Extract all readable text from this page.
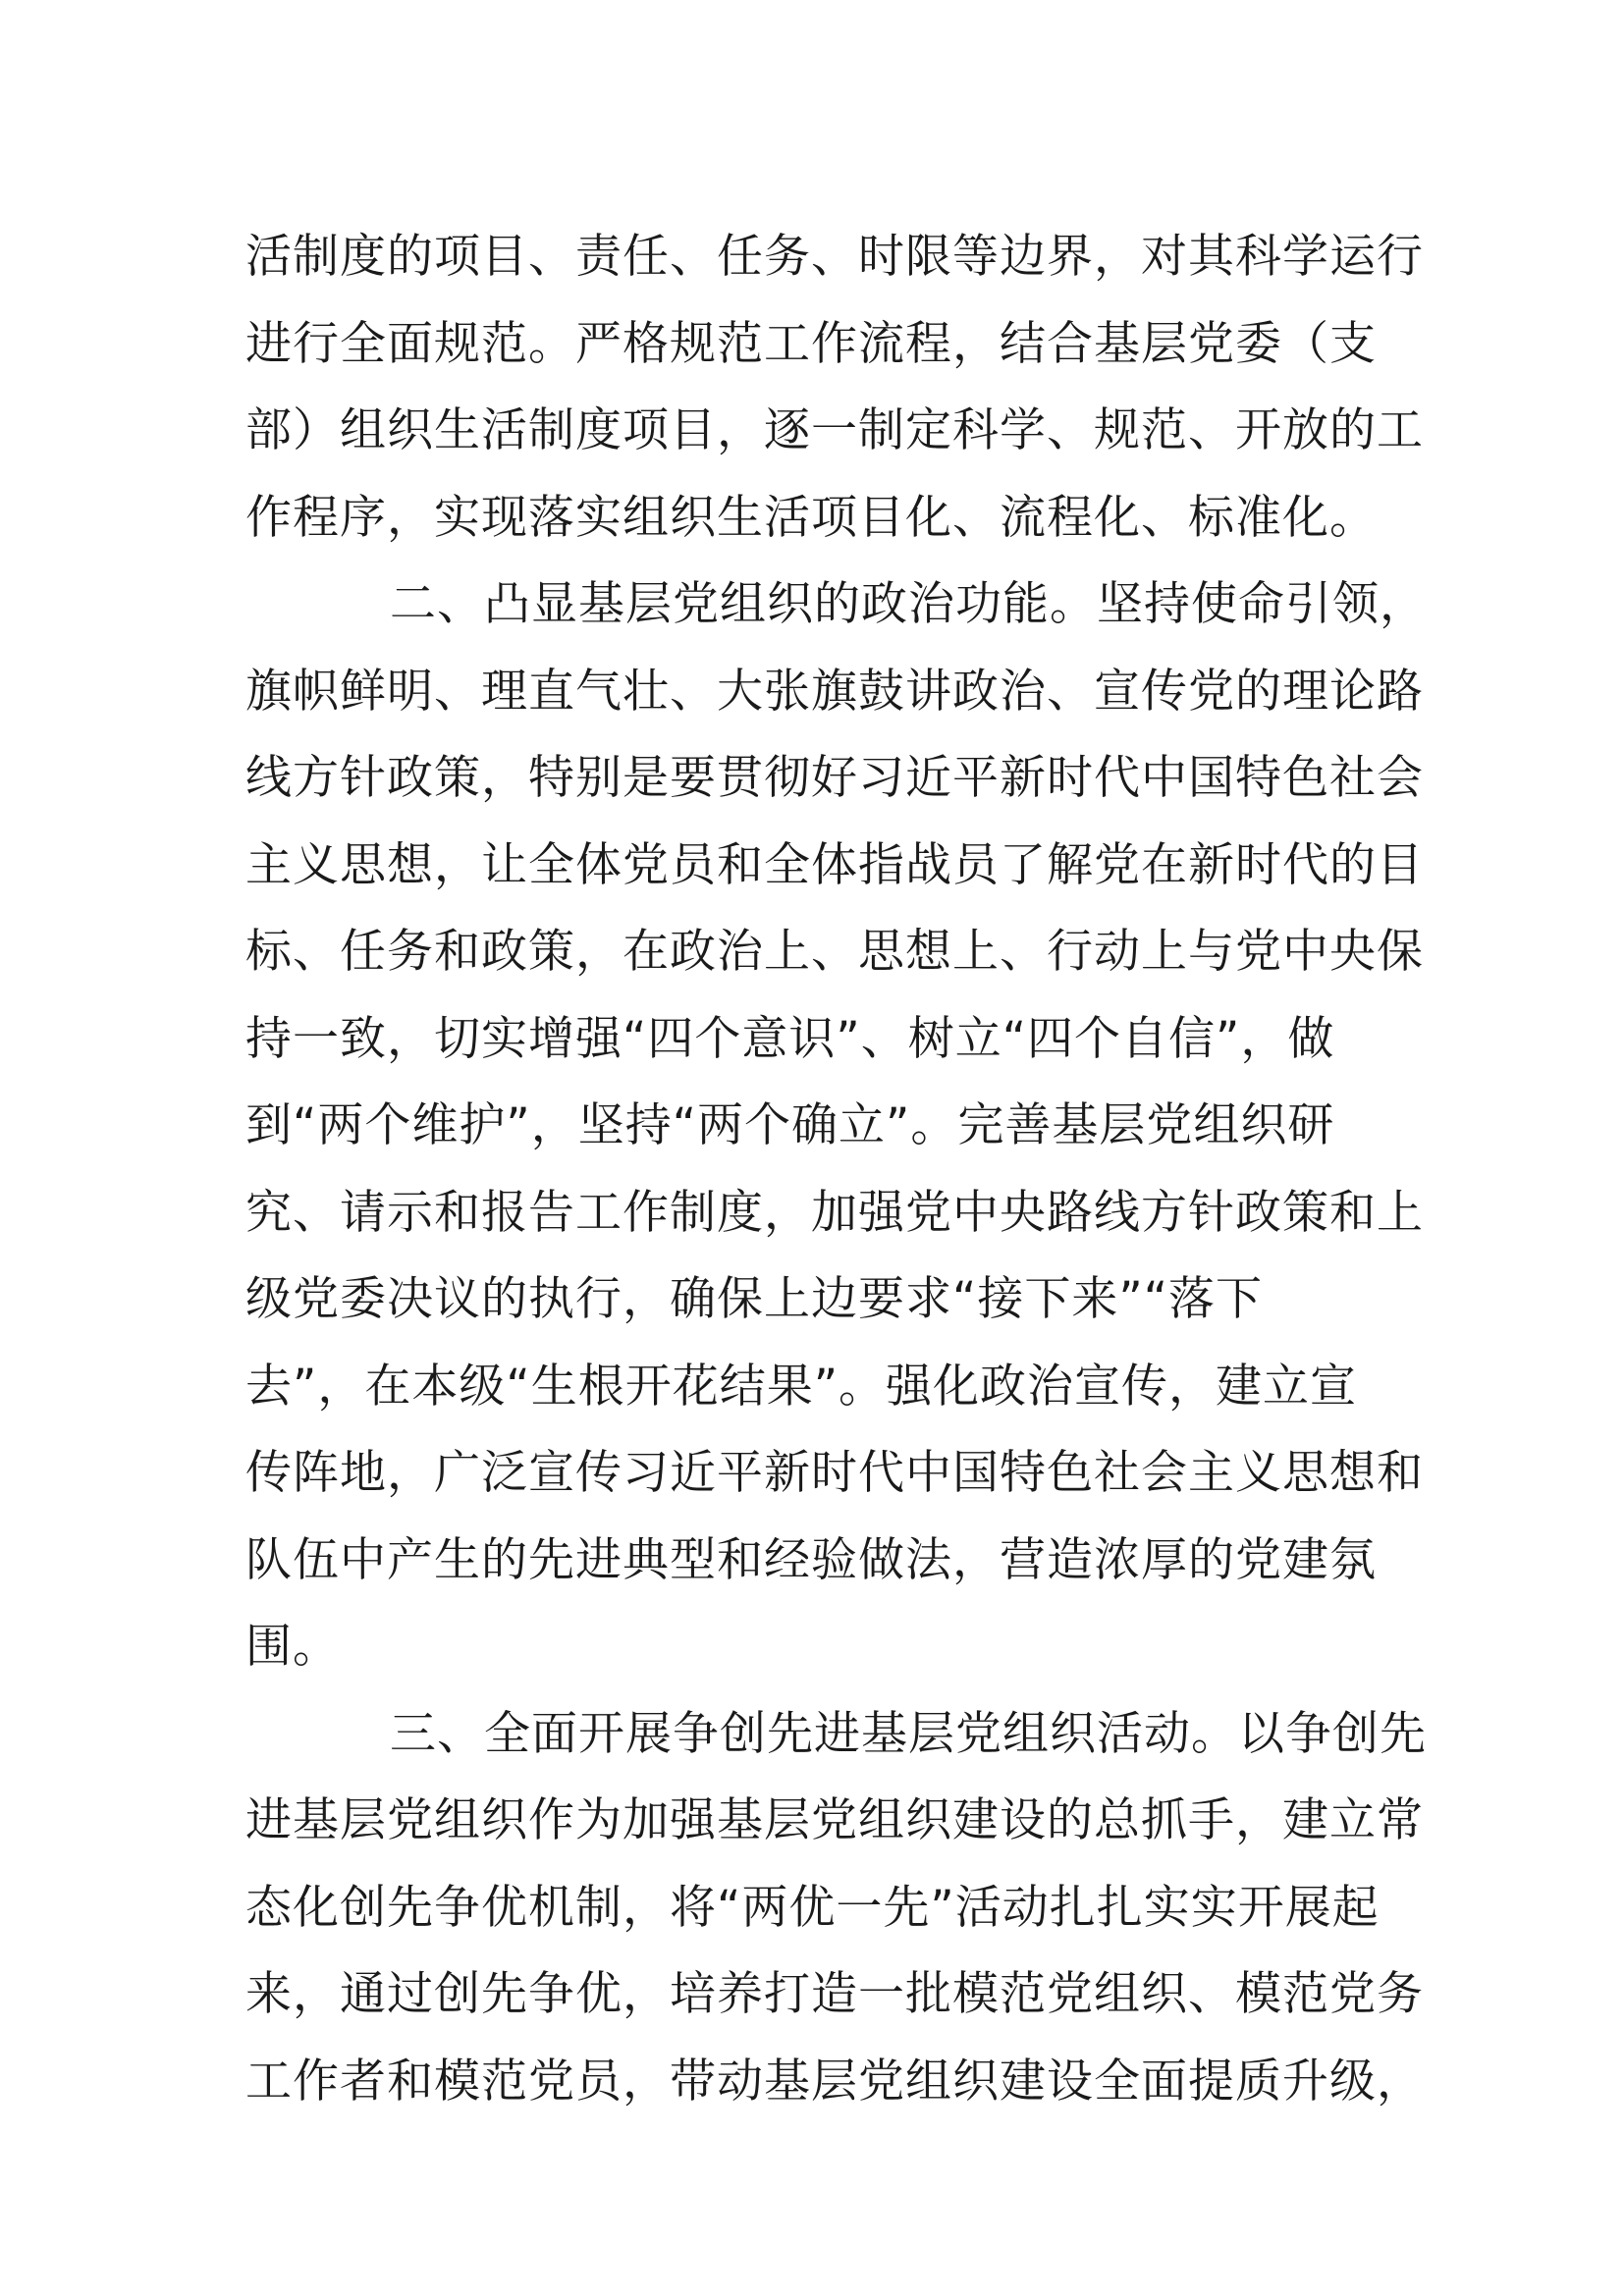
活制度的项目、责任、任务、时限等边界，对其科学运行
进行全面规范。严格规范工作流程，结合基层党委（支
部）组织生活制度项目，逐一制定科学、规范、开放的工
作程序，实现落实组织生活项目化、流程化、标准化。
二、凸显基层党组织的政治功能。坚持使命引领，
旗帜鲜明、理直气壮、大张旗鼓讲政治、宣传党的理论路
线方针政策，特别是要贯彻好习近平新时代中国特色社会
主义思想，让全体党员和全体指战员了解党在新时代的目
标、任务和政策，在政治上、思想上、行动上与党中央保
持一致，切实增强“四个意识”、树立“四个自信”，做
到“两个维护”，坚持“两个确立”。完善基层党组织研
究、请示和报告工作制度，加强党中央路线方针政策和上
级党委决议的执行，确保上边要求“接下来”“落下
去”，在本级“生根开花结果”。强化政治宣传，建立宣
传阵地，广泛宣传习近平新时代中国特色社会主义思想和
队伍中产生的先进典型和经验做法，营造浓厚的党建氛
围。
三、全面开展争创先进基层党组织活动。以争创先
进基层党组织作为加强基层党组织建设的总抓手，建立常
态化创先争优机制，将“两优一先”活动扎扎实实开展起
来，通过创先争优，培养打造一批模范党组织、模范党务
工作者和模范党员，带动基层党组织建设全面提质升级，
